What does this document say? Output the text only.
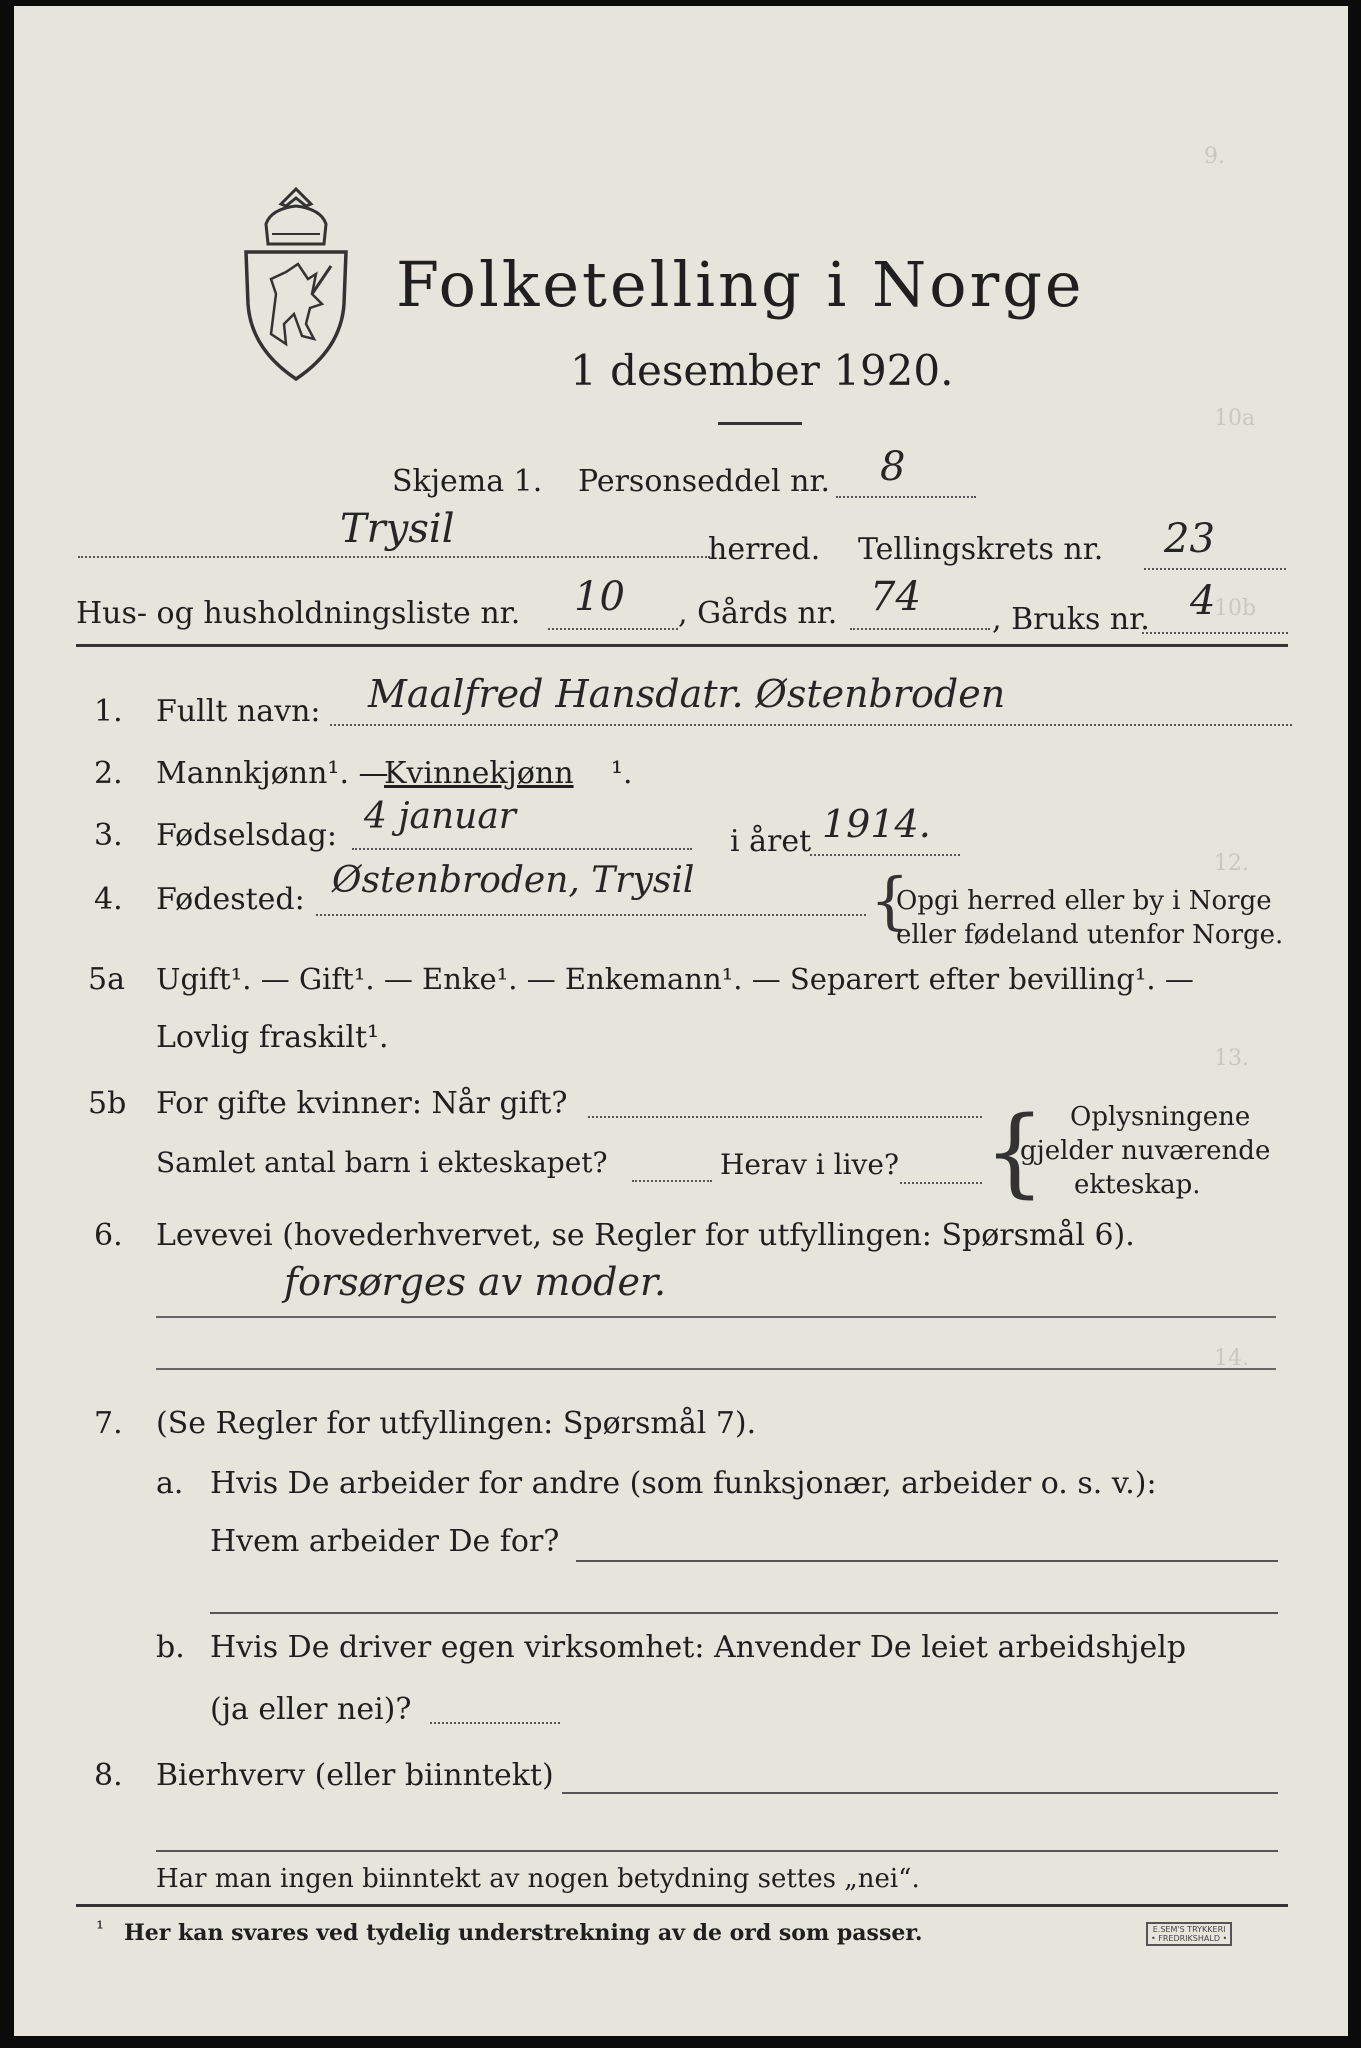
9.
10a
10b
12.
13.
14.
Folketelling i Norge
1 desember 1920.
Skjema 1. Personseddel nr. 8
Trysil	herred. Tellingskrets nr. 23
Hus- og husholdningsliste nr. 10 , Gårds nr. 74 , Bruks nr. 4
1. Fullt navn: Maalfred Hansdatr. Østenbroden
2. Mannkjønn¹. —
Kvinnekjønn ¹.
3. Fødselsdag: 4 januar
i året 1914.
4. Fødested: Østenbroden, Trysil	{
Opgi herred eller by i Norge
eller fødeland utenfor Norge.
5a Ugift¹. — Gift¹. — Enke¹. — Enkemann¹. — Separert efter bevilling¹. —
Lovlig fraskilt¹.
5b For gifte kvinner: Når gift?
Samlet antal barn i ekteskapet?	Herav i live? { Oplysningene
gjelder nuværende
ekteskap.
6. Levevei (hovederhvervet, se Regler for utfyllingen: Spørsmål 6).
forsørges av moder.
7. (Se Regler for utfyllingen: Spørsmål 7).
a. Hvis De arbeider for andre (som funksjonær, arbeider o. s. v.):
Hvem arbeider De for?
b. Hvis De driver egen virksomhet: Anvender De leiet arbeidshjelp
(ja eller nei)?
8. Bierhverv (eller biinntekt)
Har man ingen biinntekt av nogen betydning settes „nei“.
¹ Her kan svares ved tydelig understrekning av de ord som passer.	E.SEM'S TRYKKERI
• FREDRIKSHALD •
